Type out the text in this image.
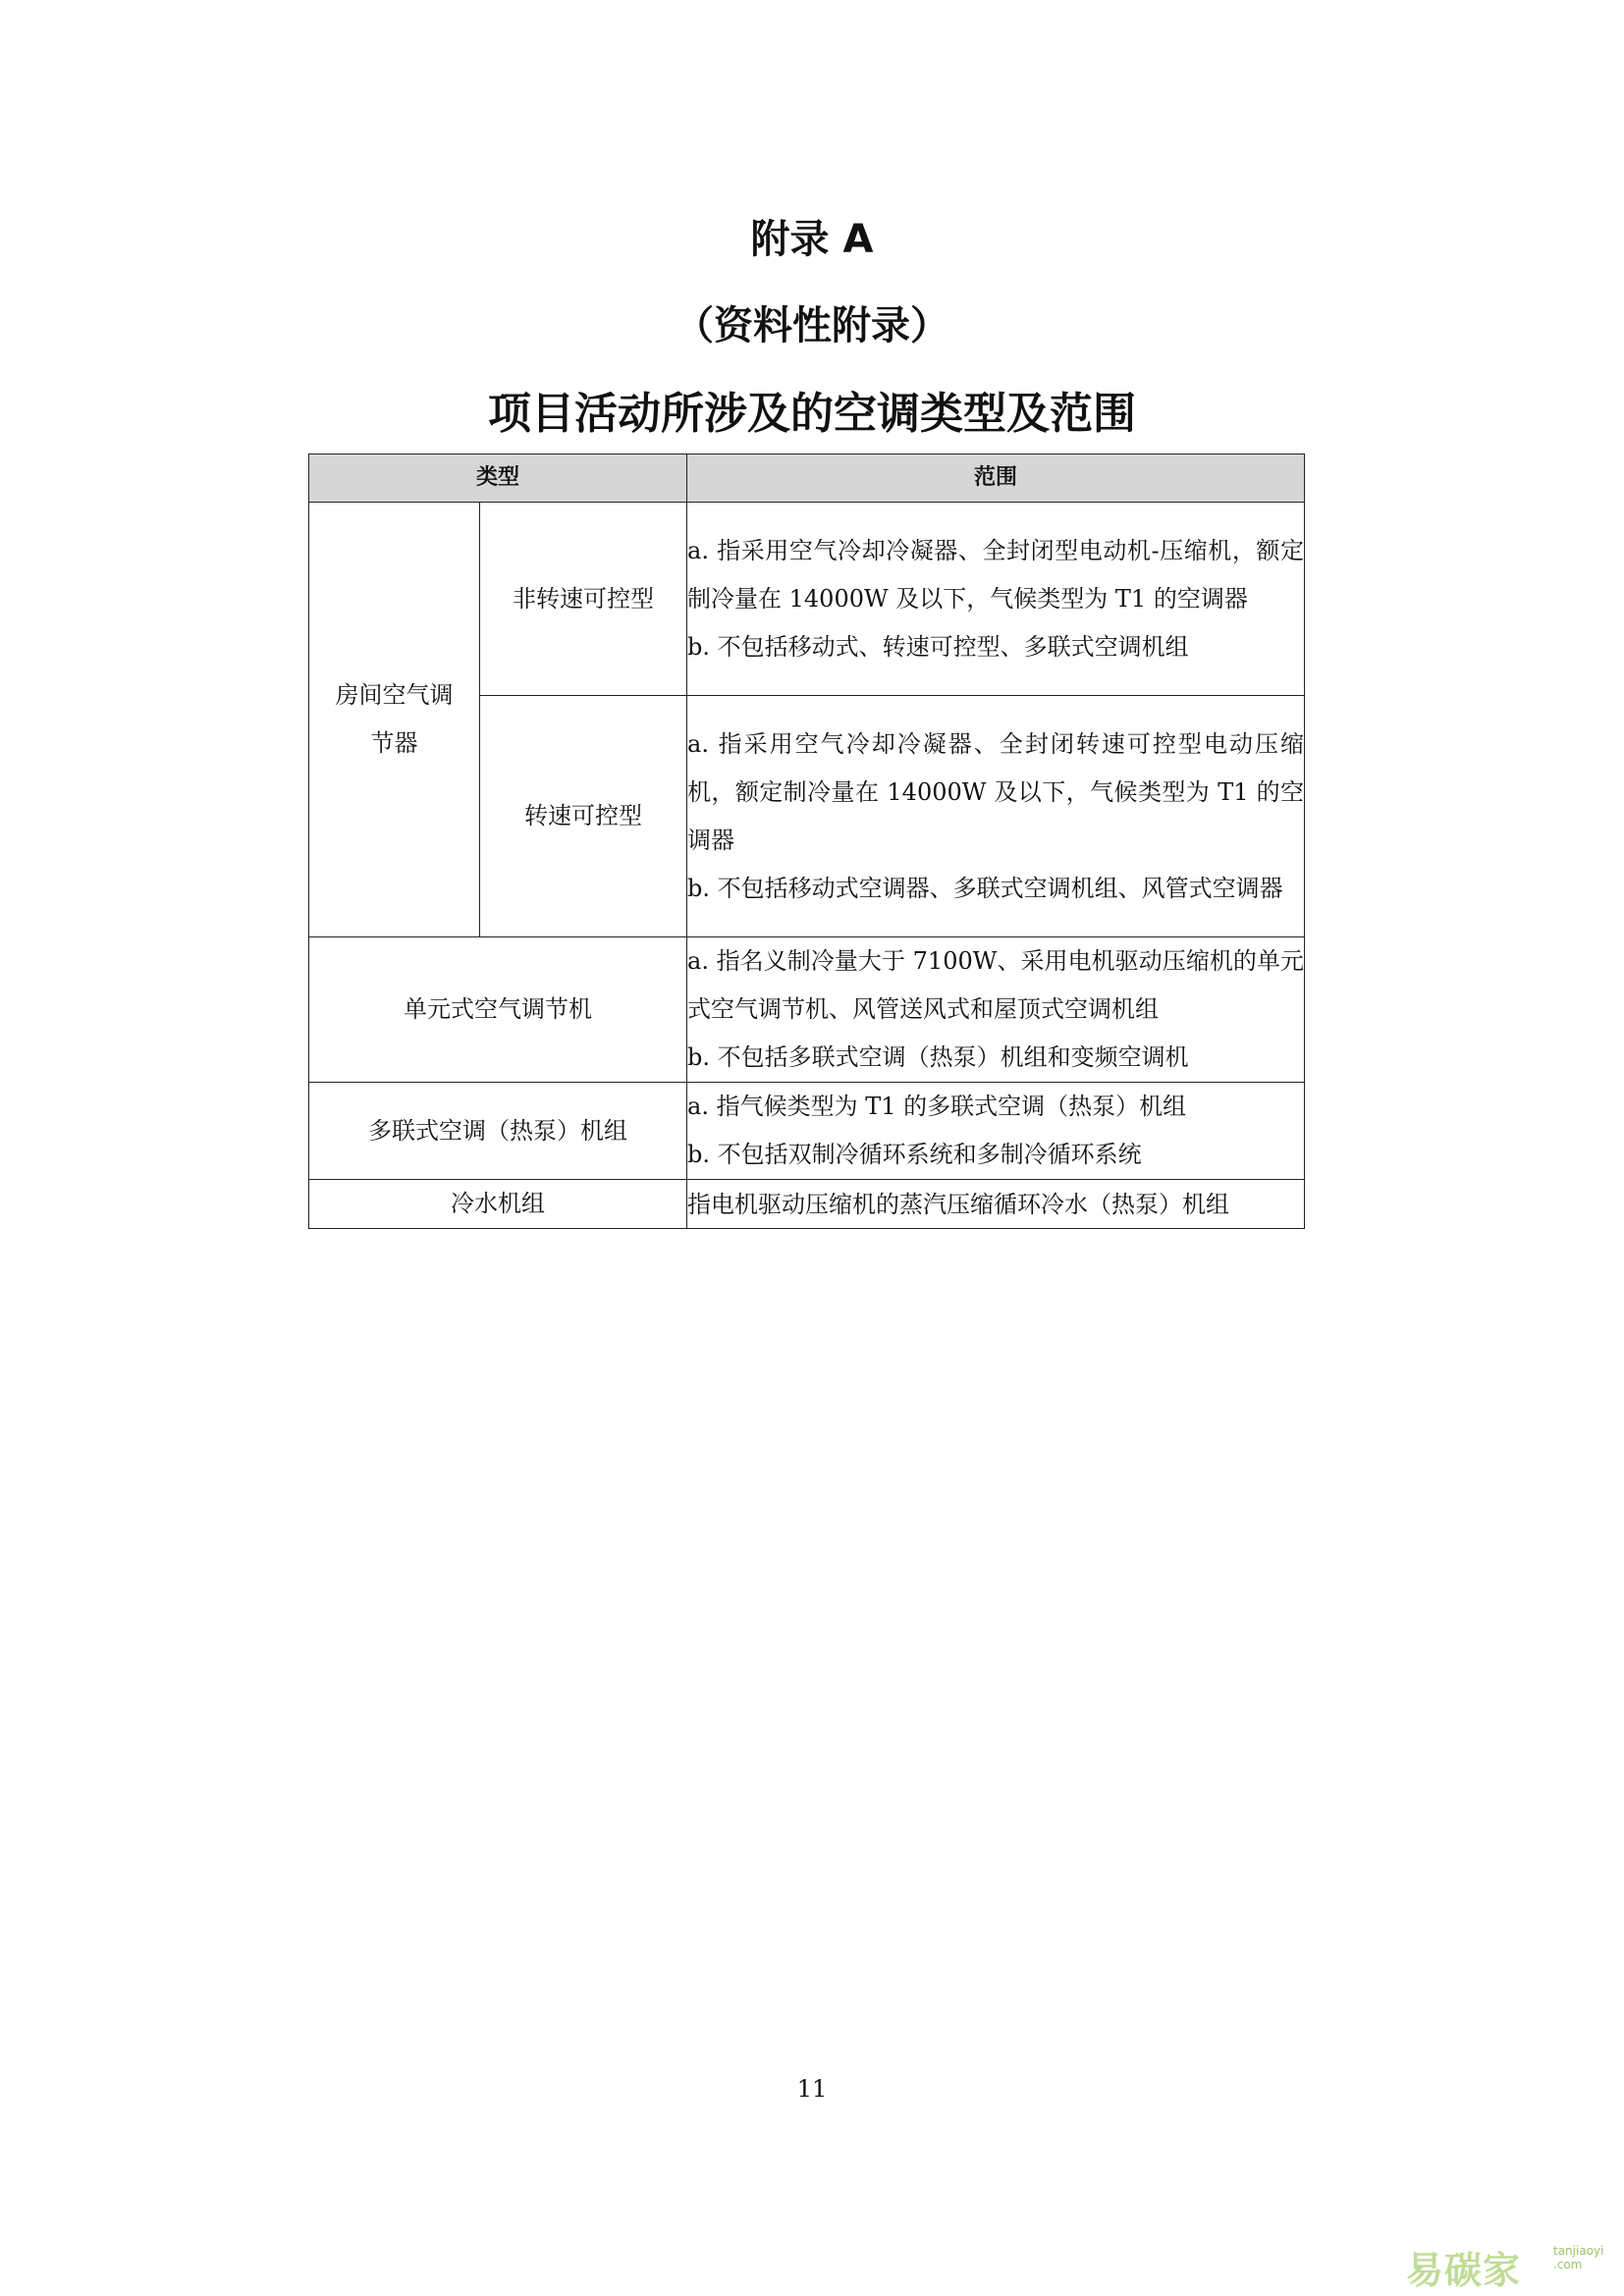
附录 A
（资料性附录）
项目活动所涉及的空调类型及范围
类型		范围
房间空气调节器	非转速可控型	a. 指采用空气冷却冷凝器、全封闭型电动机-压缩机，额定制冷量在 14000W 及以下，气候类型为 T1 的空调器
b. 不包括移动式、转速可控型、多联式空调机组

	转速可控型	a. 指采用空气冷却冷凝器、全封闭转速可控型电动压缩机，额定制冷量在 14000W 及以下，气候类型为 T1 的空调器
b. 不包括移动式空调器、多联式空调机组、风管式空调器

单元式空气调节机		a. 指名义制冷量大于 7100W、采用电机驱动压缩机的单元式空气调节机、风管送风式和屋顶式空调机组
b. 不包括多联式空调（热泵）机组和变频空调机

多联式空调（热泵）机组		a. 指气候类型为 T1 的多联式空调（热泵）机组
b. 不包括双制冷循环系统和多制冷循环系统

冷水机组		指电机驱动压缩机的蒸汽压缩循环冷水（热泵）机组
11
易碳家	tanjiaoyi
.com
